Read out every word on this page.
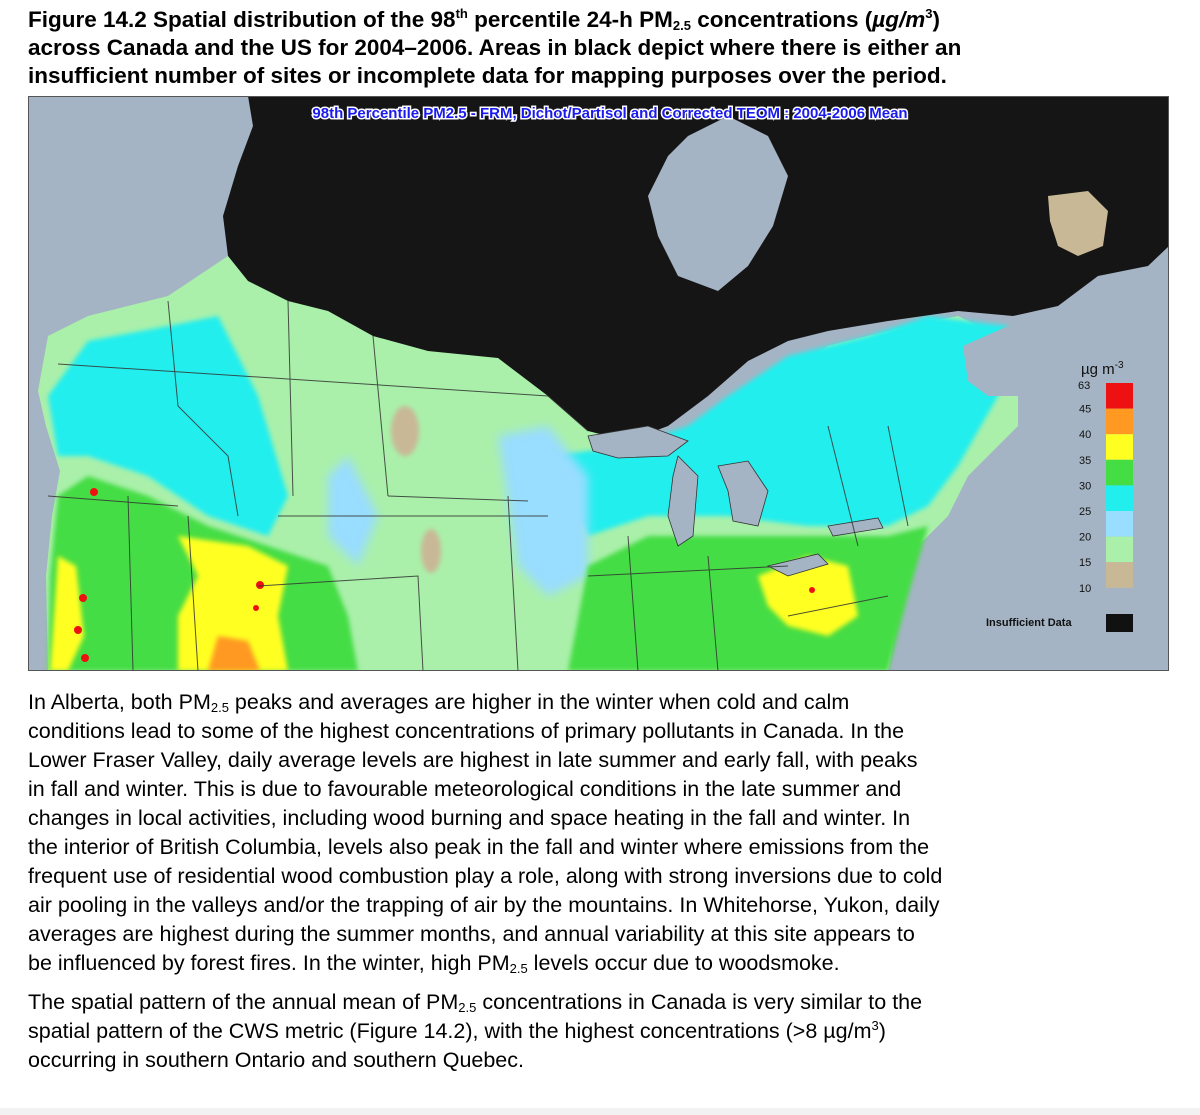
Figure 14.2 Spatial distribution of the 98th percentile 24-h $PM_{2.5}$ concentrations $(\mu g/m^3)$
across Canada and the US for 2004–2006. Areas in black depict where there is either an
insufficient number of sites or incomplete data for mapping purposes over the period.
98th Percentile PM2.5 - FRM, Dichot/Partisol and Corrected TEOM : 2004-2006 Mean
µg $m^{-3}$
63
45
40
35
30
25
20
15
10
Insufficient Data
In Alberta, both $PM_{2.5}$ peaks and averages are higher in the winter when cold and calm
conditions lead to some of the highest concentrations of primary pollutants in Canada. In the
Lower Fraser Valley, daily average levels are highest in late summer and early fall, with peaks
in fall and winter. This is due to favourable meteorological conditions in the late summer and
changes in local activities, including wood burning and space heating in the fall and winter. In
the interior of British Columbia, levels also peak in the fall and winter where emissions from the
frequent use of residential wood combustion play a role, along with strong inversions due to cold
air pooling in the valleys and/or the trapping of air by the mountains. In Whitehorse, Yukon, daily
averages are highest during the summer months, and annual variability at this site appears to
be influenced by forest fires. In the winter, high $PM_{2.5}$ levels occur due to woodsmoke.
The spatial pattern of the annual mean of $PM_{2.5}$ concentrations in Canada is very similar to the
spatial pattern of the CWS metric (Figure 14.2), with the highest concentrations (>8 $\mu g/m^3$)
occurring in southern Ontario and southern Quebec.
